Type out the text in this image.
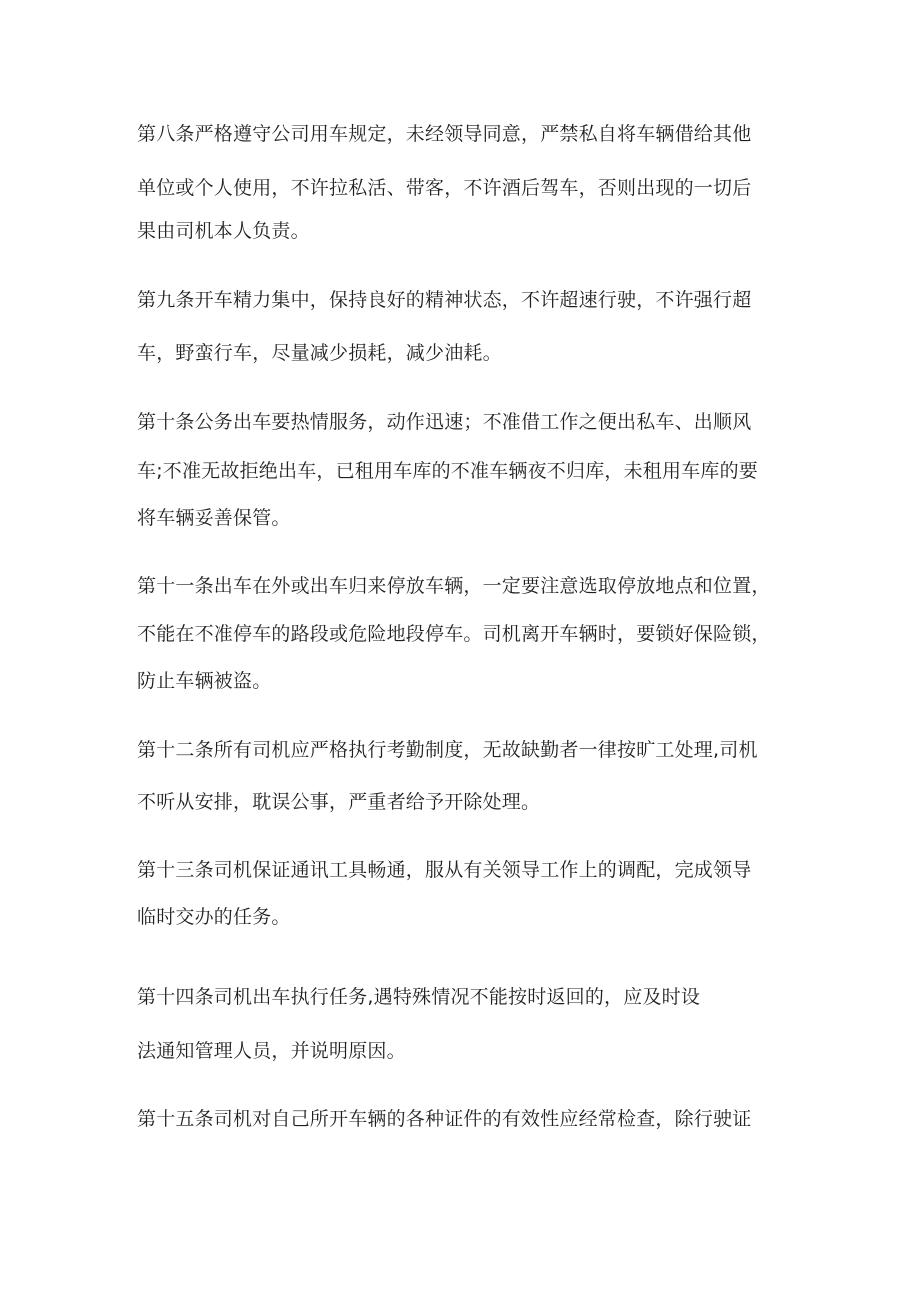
第八条严格遵守公司用车规定，未经领导同意，严禁私自将车辆借给其他
单位或个人使用，不许拉私活、带客，不许酒后驾车，否则出现的一切后
果由司机本人负责。
第九条开车精力集中，保持良好的精神状态，不许超速行驶，不许强行超
车，野蛮行车，尽量减少损耗，减少油耗。
第十条公务出车要热情服务，动作迅速；不准借工作之便出私车、出顺风
车;不准无故拒绝出车，已租用车库的不准车辆夜不归库，未租用车库的要
将车辆妥善保管。
第十一条出车在外或出车归来停放车辆，一定要注意选取停放地点和位置，
不能在不准停车的路段或危险地段停车。司机离开车辆时，要锁好保险锁，
防止车辆被盗。
第十二条所有司机应严格执行考勤制度，无故缺勤者一律按旷工处理,司机
不听从安排，耽误公事，严重者给予开除处理。
第十三条司机保证通讯工具畅通，服从有关领导工作上的调配，完成领导
临时交办的任务。
第十四条司机出车执行任务,遇特殊情况不能按时返回的，应及时设
法通知管理人员，并说明原因。
第十五条司机对自己所开车辆的各种证件的有效性应经常检查，除行驶证
